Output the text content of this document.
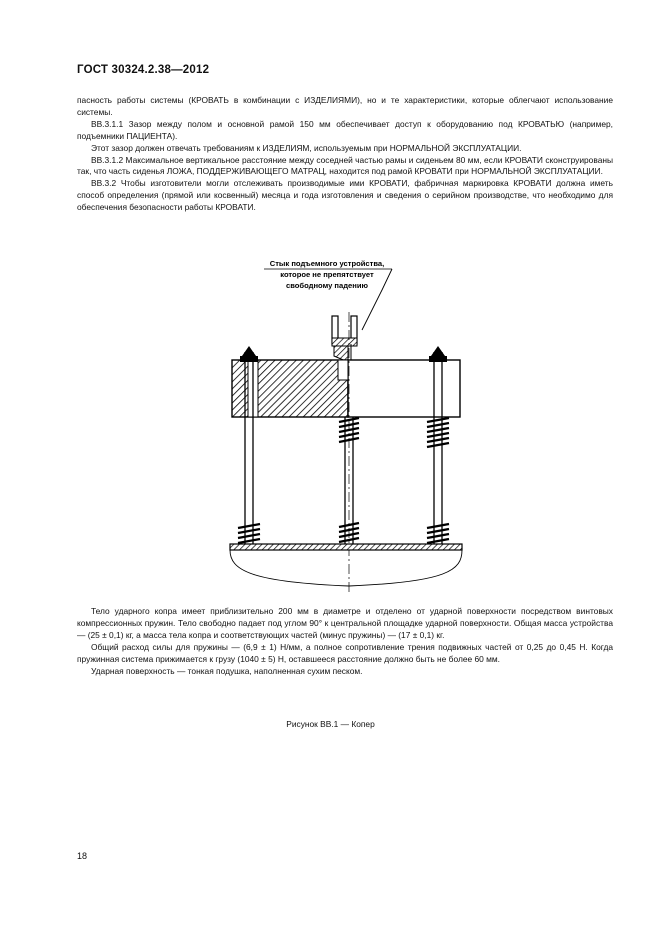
ГОСТ 30324.2.38—2012

пасность работы системы (КРОВАТЬ в комбинации с ИЗДЕЛИЯМИ), но и те характеристики, которые облегчают использование системы.

ВВ.3.1.1 Зазор между полом и основной рамой 150 мм обеспечивает доступ к оборудованию под КРОВАТЬЮ (например, подъемники ПАЦИЕНТА).

Этот зазор должен отвечать требованиям к ИЗДЕЛИЯМ, используемым при НОРМАЛЬНОЙ ЭКСПЛУАТАЦИИ.

ВВ.3.1.2 Максимальное вертикальное расстояние между соседней частью рамы и сиденьем 80 мм, если КРОВАТИ сконструированы так, что часть сиденья ЛОЖА, ПОДДЕРЖИВАЮЩЕГО МАТРАЦ, находится под рамой КРОВАТИ при НОРМАЛЬНОЙ ЭКСПЛУАТАЦИИ.

ВВ.3.2 Чтобы изготовители могли отслеживать производимые ими КРОВАТИ, фабричная маркировка КРОВАТИ должна иметь способ определения (прямой или косвенный) месяца и года изготовления и сведения о серийном производстве, что необходимо для обеспечения безопасности работы КРОВАТИ.

Стык подъемного устройства,
которое не препятствует
свободному падению

Тело ударного копра имеет приблизительно 200 мм в диаметре и отделено от ударной поверхности посредством винтовых компрессионных пружин. Тело свободно падает под углом 90° к центральной площадке ударной поверхности. Общая масса устройства — (25 ± 0,1) кг, а масса тела копра и соответствующих частей (минус пружины) — (17 ± 0,1) кг.

Общий расход силы для пружины — (6,9 ± 1) Н/мм, а полное сопротивление трения подвижных частей от 0,25 до 0,45 Н. Когда пружинная система прижимается к грузу (1040 ± 5) Н, оставшееся расстояние должно быть не более 60 мм.

Ударная поверхность — тонкая подушка, наполненная сухим песком.

Рисунок ВВ.1 — Копер
18
